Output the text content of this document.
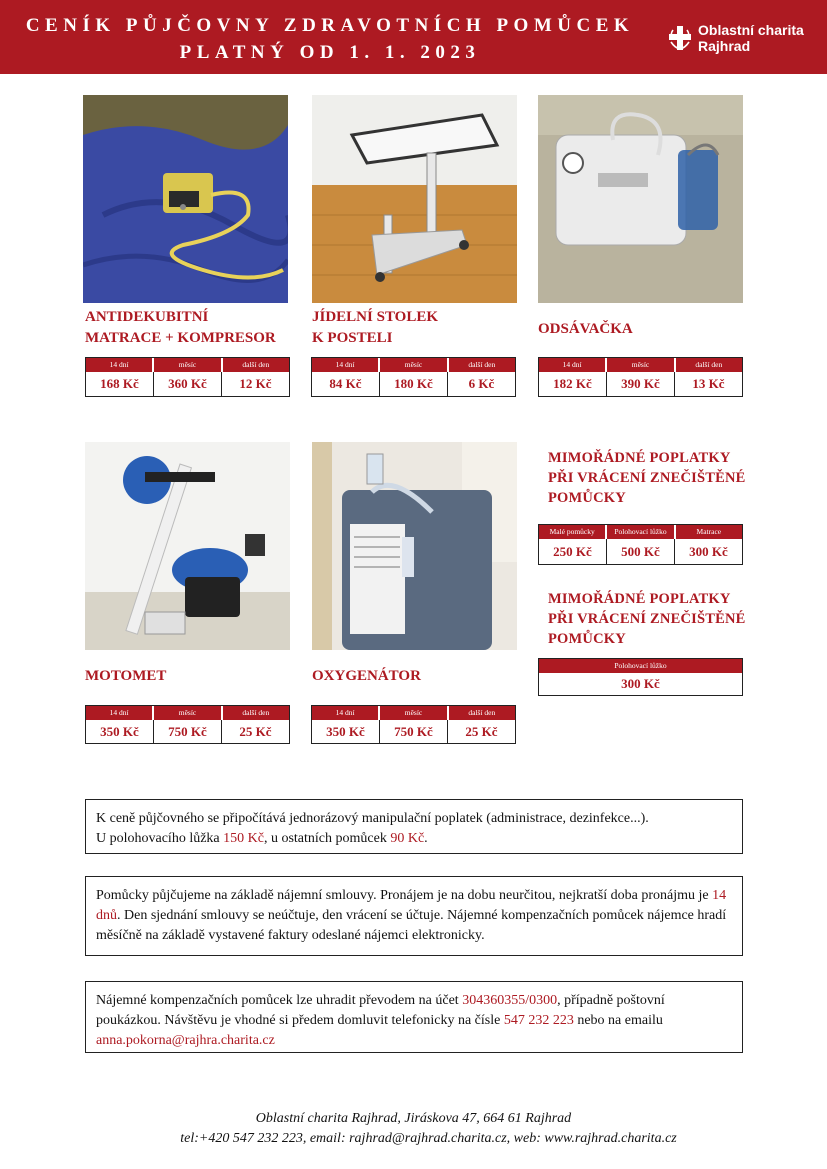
CENÍK PŮJČOVNY ZDRAVOTNÍCH POMŮCEK
PLATNÝ OD 1. 1. 2023
Oblastní charita
Rajhrad
ANTIDEKUBITNÍ
MATRACE + KOMPRESOR
JÍDELNÍ STOLEK
K POSTELI
ODSÁVAČKA
14 dní	měsíc	další den
168 Kč	360 Kč	12 Kč
14 dní	měsíc	další den
84 Kč	180 Kč	6 Kč
14 dní	měsíc	další den
182 Kč	390 Kč	13 Kč
MIMOŘÁDNÉ POPLATKY
PŘI VRÁCENÍ ZNEČIŠTĚNÉ
POMŮCKY
Malé pomůcky	Polohovací lůžko	Matrace
250 Kč	500 Kč	300 Kč
MIMOŘÁDNÉ POPLATKY
PŘI VRÁCENÍ ZNEČIŠTĚNÉ
POMŮCKY
Polohovací lůžko
300 Kč
MOTOMET	OXYGENÁTOR
14 dní	měsíc	další den
350 Kč	750 Kč	25 Kč
14 dní	měsíc	další den
350 Kč	750 Kč	25 Kč
K ceně půjčovného se připočítává jednorázový manipulační poplatek (administrace, dezinfekce...).
U polohovacího lůžka 150 Kč, u ostatních pomůcek 90 Kč.
Pomůcky půjčujeme na základě nájemní smlouvy. Pronájem je na dobu neurčitou, nejkratší doba pronájmu je 14 dnů. Den sjednání smlouvy se neúčtuje, den vrácení se účtuje. Nájemné kompenzačních pomůcek nájemce hradí měsíčně na základě vystavené faktury odeslané nájemci elektronicky.
Nájemné kompenzačních pomůcek lze uhradit převodem na účet 304360355/0300, případně poštovní poukázkou. Návštěvu je vhodné si předem domluvit telefonicky na čísle 547 232 223 nebo na emailu anna.pokorna@rajhra.charita.cz
Oblastní charita Rajhrad, Jiráskova 47, 664 61 Rajhrad
tel:+420 547 232 223, email: rajhrad@rajhrad.charita.cz, web: www.rajhrad.charita.cz
